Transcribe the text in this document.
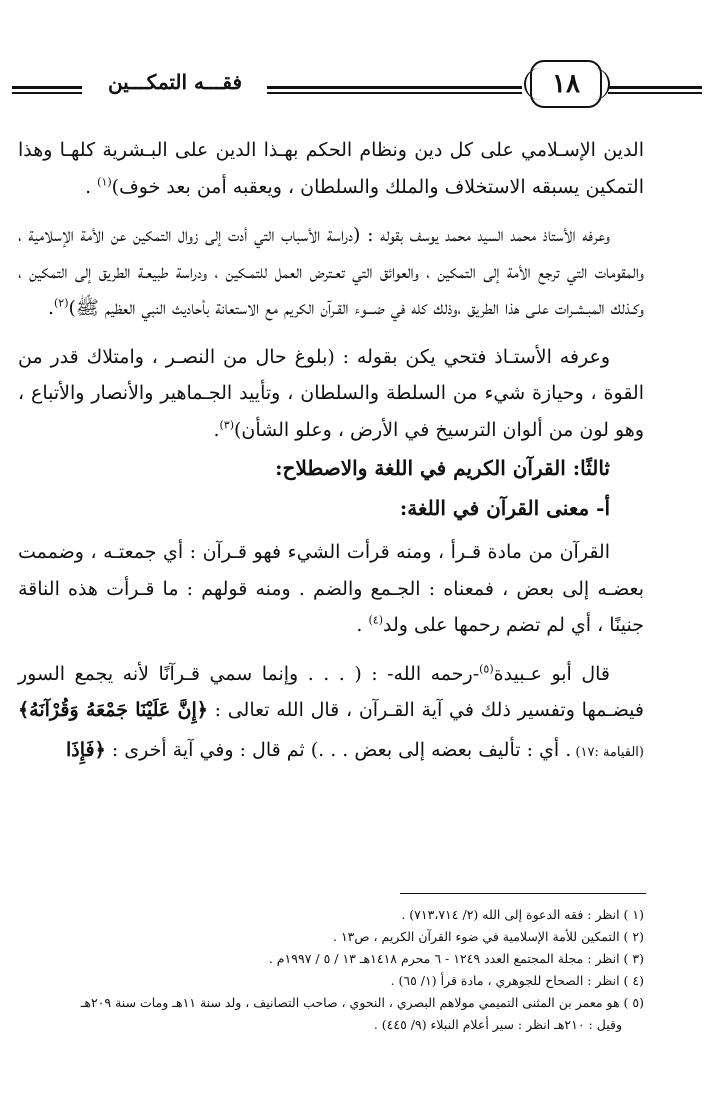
١٨
فقـــه التمكـــين

الدين الإسـلامي على كل دين ونظام الحكم بهـذا الدين على البـشرية كلهـا وهذا التمكين يسبقه الاستخلاف والملك والسلطان ، ويعقبه أمن بعد خوف)$^{(١)}$ .

وعرفه الأستاذ محمد السيد محمد يوسف بقوله : (دراسة الأسباب التي أدت إلى زوال التمكين عن الأمة الإسلامية ، والمقومات التي ترجع الأمة إلى التمكين ، والعوائق التي تعـترض العمل للتمـكين ، ودراسة طبيعـة الطريق إلى التمكين ، وكـذلك المبـشـرات علـى هذا الطريق ،وذلك كله في ضـــوء القـرآن الكريم مع الاستعانة بأحاديث النبي العظيم ﷺ)$^{(٢)}$.

وعرفه الأستـاذ فتحي يكن بقوله : (بلوغ حال من النصـر ، وامتلاك قدر من القوة ، وحيازة شيء من السلطة والسلطان ، وتأييد الجـماهير والأنصار والأتباع ، وهو لون من ألوان الترسيخ في الأرض ، وعلو الشأن)$^{(٣)}$.

ثالثًا: القرآن الكريم في اللغة والاصطلاح:

أ- معنى القرآن في اللغة:

القرآن من مادة قـرأ ، ومنه قرأت الشيء فهو قـرآن : أي جمعتـه ، وضممت بعضـه إلى بعض ، فمعناه : الجـمع والضم . ومنه قولهم : ما قـرأت هذه الناقة جنينًا ، أي لم تضم رحمها على ولد$^{(٤)}$ .

قال أبو عـبيدة$^{(٥)}$-رحمه الله- : ( . . . وإنما سمي قـرآنًا لأنه يجمع السور فيضـمها وتفسير ذلك في آية القـرآن ، قال الله تعالى : ﴿إِنَّ عَلَيْنَا جَمْعَهُ وَقُرْآنَهُ﴾ (القيامة :١٧) . أي : تأليف بعضه إلى بعض . . .) ثم قال : وفي آية أخرى : ﴿فَإِذَا

(١ ) انظر : فقه الدعوة إلى الله (٢/ ٧١٣،٧١٤) .

(٢ ) التمكين للأمة الإسلامية في ضوء القرآن الكريم ، ص١٣ .

(٣ ) انظر : مجلة المجتمع العدد ١٢٤٩ - ٦ محرم ١٤١٨هـ ١٣ / ٥ / ١٩٩٧م .

(٤ ) انظر : الصحاح للجوهري ، مادة قرأ (١/ ٦٥) .

(٥ ) هو معمر بن المثنى التميمي مولاهم البصري ، النحوي ، صاحب التصانيف ، ولد سنة ١١هـ ومات سنة ٢٠٩هـ

وقيل : ٢١٠هـ انظر : سير أعلام النبلاء (٩/ ٤٤٥) .
